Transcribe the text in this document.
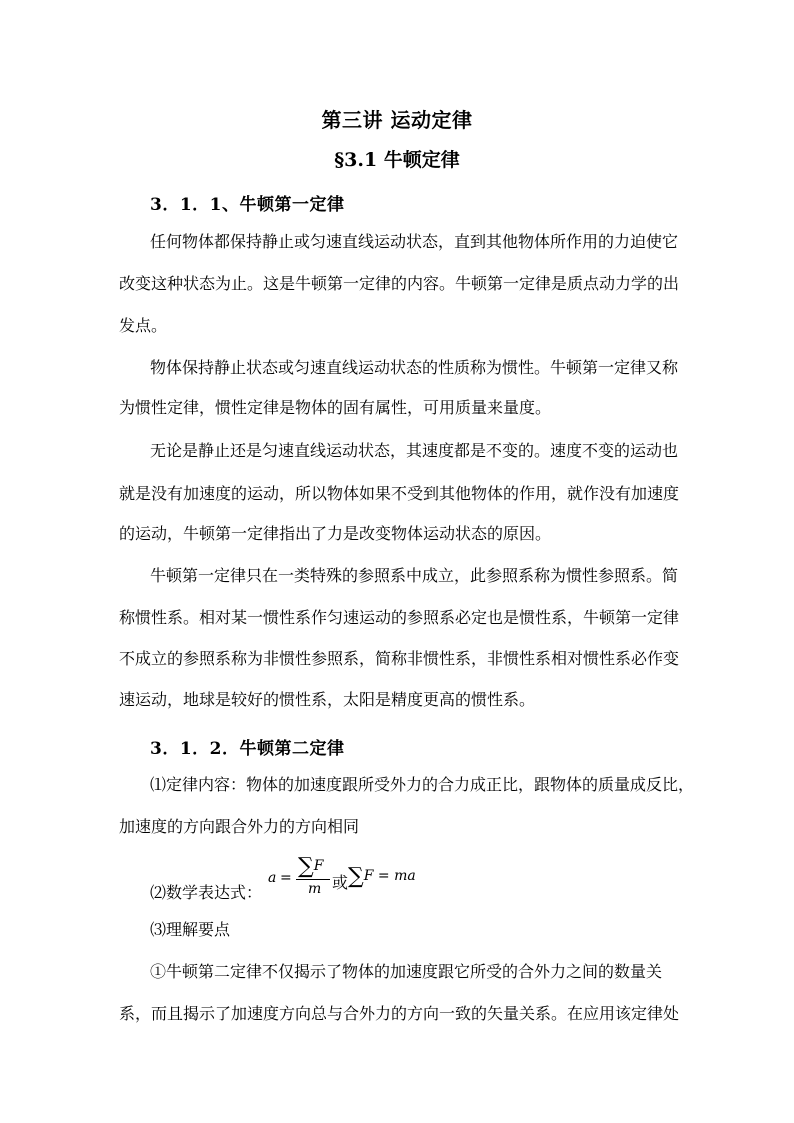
第三讲 运动定律
§3.1 牛顿定律
3．1．1、牛顿第一定律
任何物体都保持静止或匀速直线运动状态，直到其他物体所作用的力迫使它
改变这种状态为止。这是牛顿第一定律的内容。牛顿第一定律是质点动力学的出
发点。
物体保持静止状态或匀速直线运动状态的性质称为惯性。牛顿第一定律又称
为惯性定律，惯性定律是物体的固有属性，可用质量来量度。
无论是静止还是匀速直线运动状态，其速度都是不变的。速度不变的运动也
就是没有加速度的运动，所以物体如果不受到其他物体的作用，就作没有加速度
的运动，牛顿第一定律指出了力是改变物体运动状态的原因。
牛顿第一定律只在一类特殊的参照系中成立，此参照系称为惯性参照系。简
称惯性系。相对某一惯性系作匀速运动的参照系必定也是惯性系，牛顿第一定律
不成立的参照系称为非惯性参照系，简称非惯性系，非惯性系相对惯性系必作变
速运动，地球是较好的惯性系，太阳是精度更高的惯性系。
3．1．2．牛顿第二定律
⑴定律内容：物体的加速度跟所受外力的合力成正比，跟物体的质量成反比，
加速度的方向跟合外力的方向相同
⑵数学表达式：
a = ∑F
m 或 ∑F = ma
⑶理解要点
①牛顿第二定律不仅揭示了物体的加速度跟它所受的合外力之间的数量关
系，而且揭示了加速度方向总与合外力的方向一致的矢量关系。在应用该定律处
